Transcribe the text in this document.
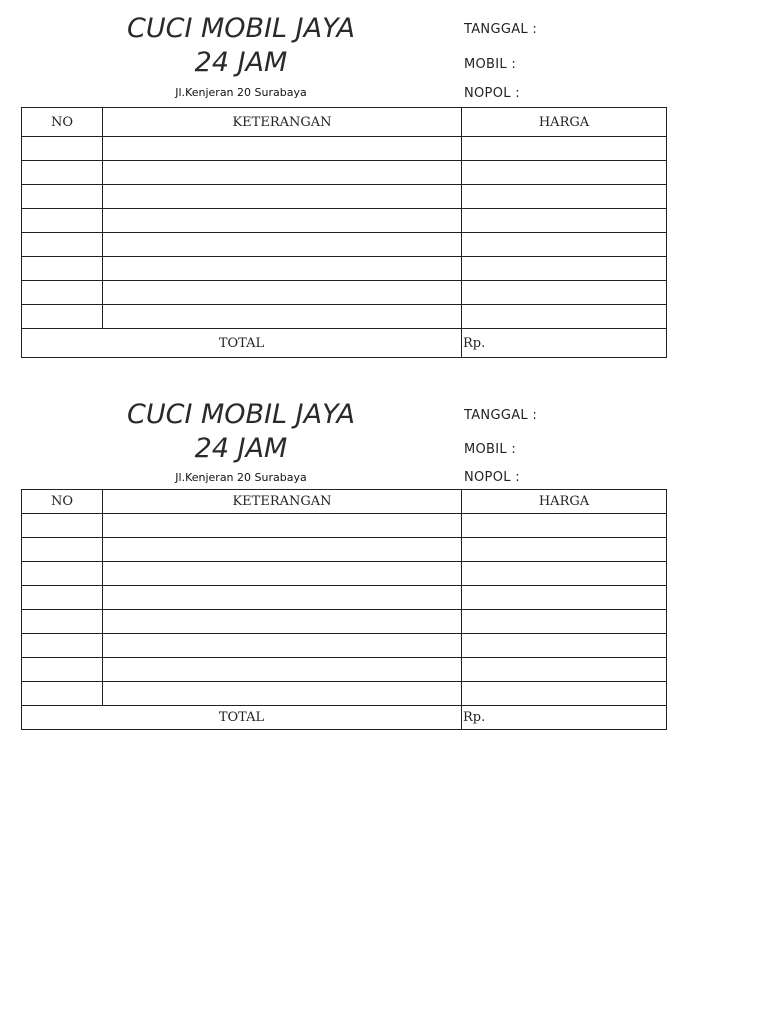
CUCI MOBIL JAYA
24 JAM
Jl.Kenjeran 20 Surabaya
TANGGAL :
MOBIL :
NOPOL :
NO	KETERANGAN	HARGA

TOTAL		Rp.
CUCI MOBIL JAYA
24 JAM
Jl.Kenjeran 20 Surabaya
TANGGAL :
MOBIL :
NOPOL :
NO	KETERANGAN	HARGA

TOTAL		Rp.
